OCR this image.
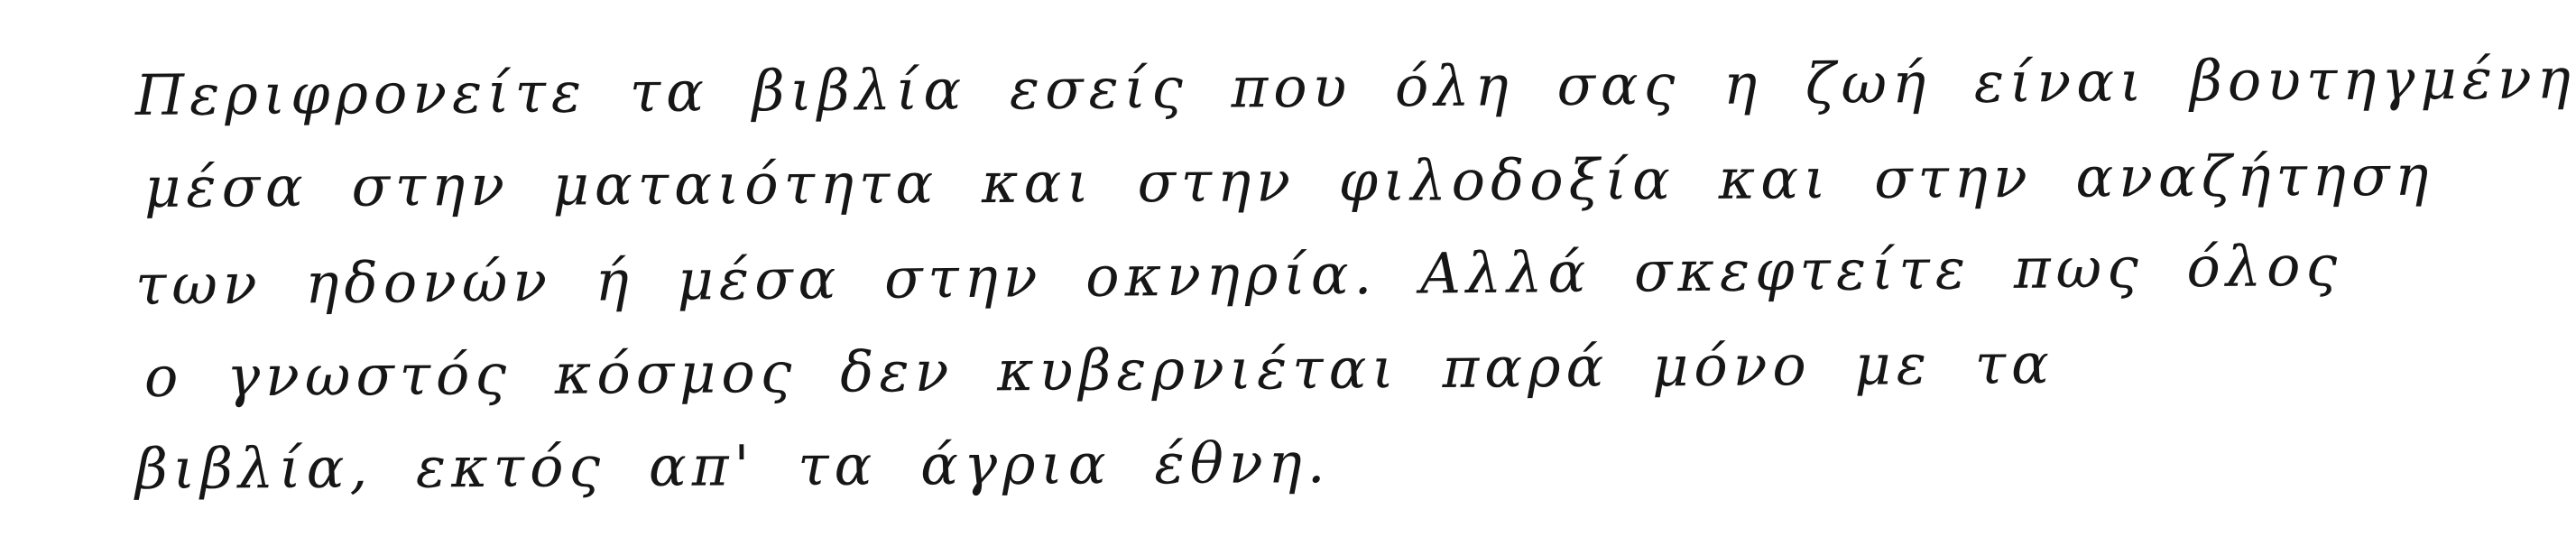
Περιφρονείτε τα βιβλία εσείς που όλη σας η ζωή είναι βουτηγμένη
μέσα στην ματαιότητα και στην φιλοδοξία και στην αναζήτηση
των ηδονών ή μέσα στην οκνηρία. Αλλά σκεφτείτε πως όλος
ο γνωστός κόσμος δεν κυβερνιέται παρά μόνο με τα
βιβλία, εκτός απ' τα άγρια έθνη.
